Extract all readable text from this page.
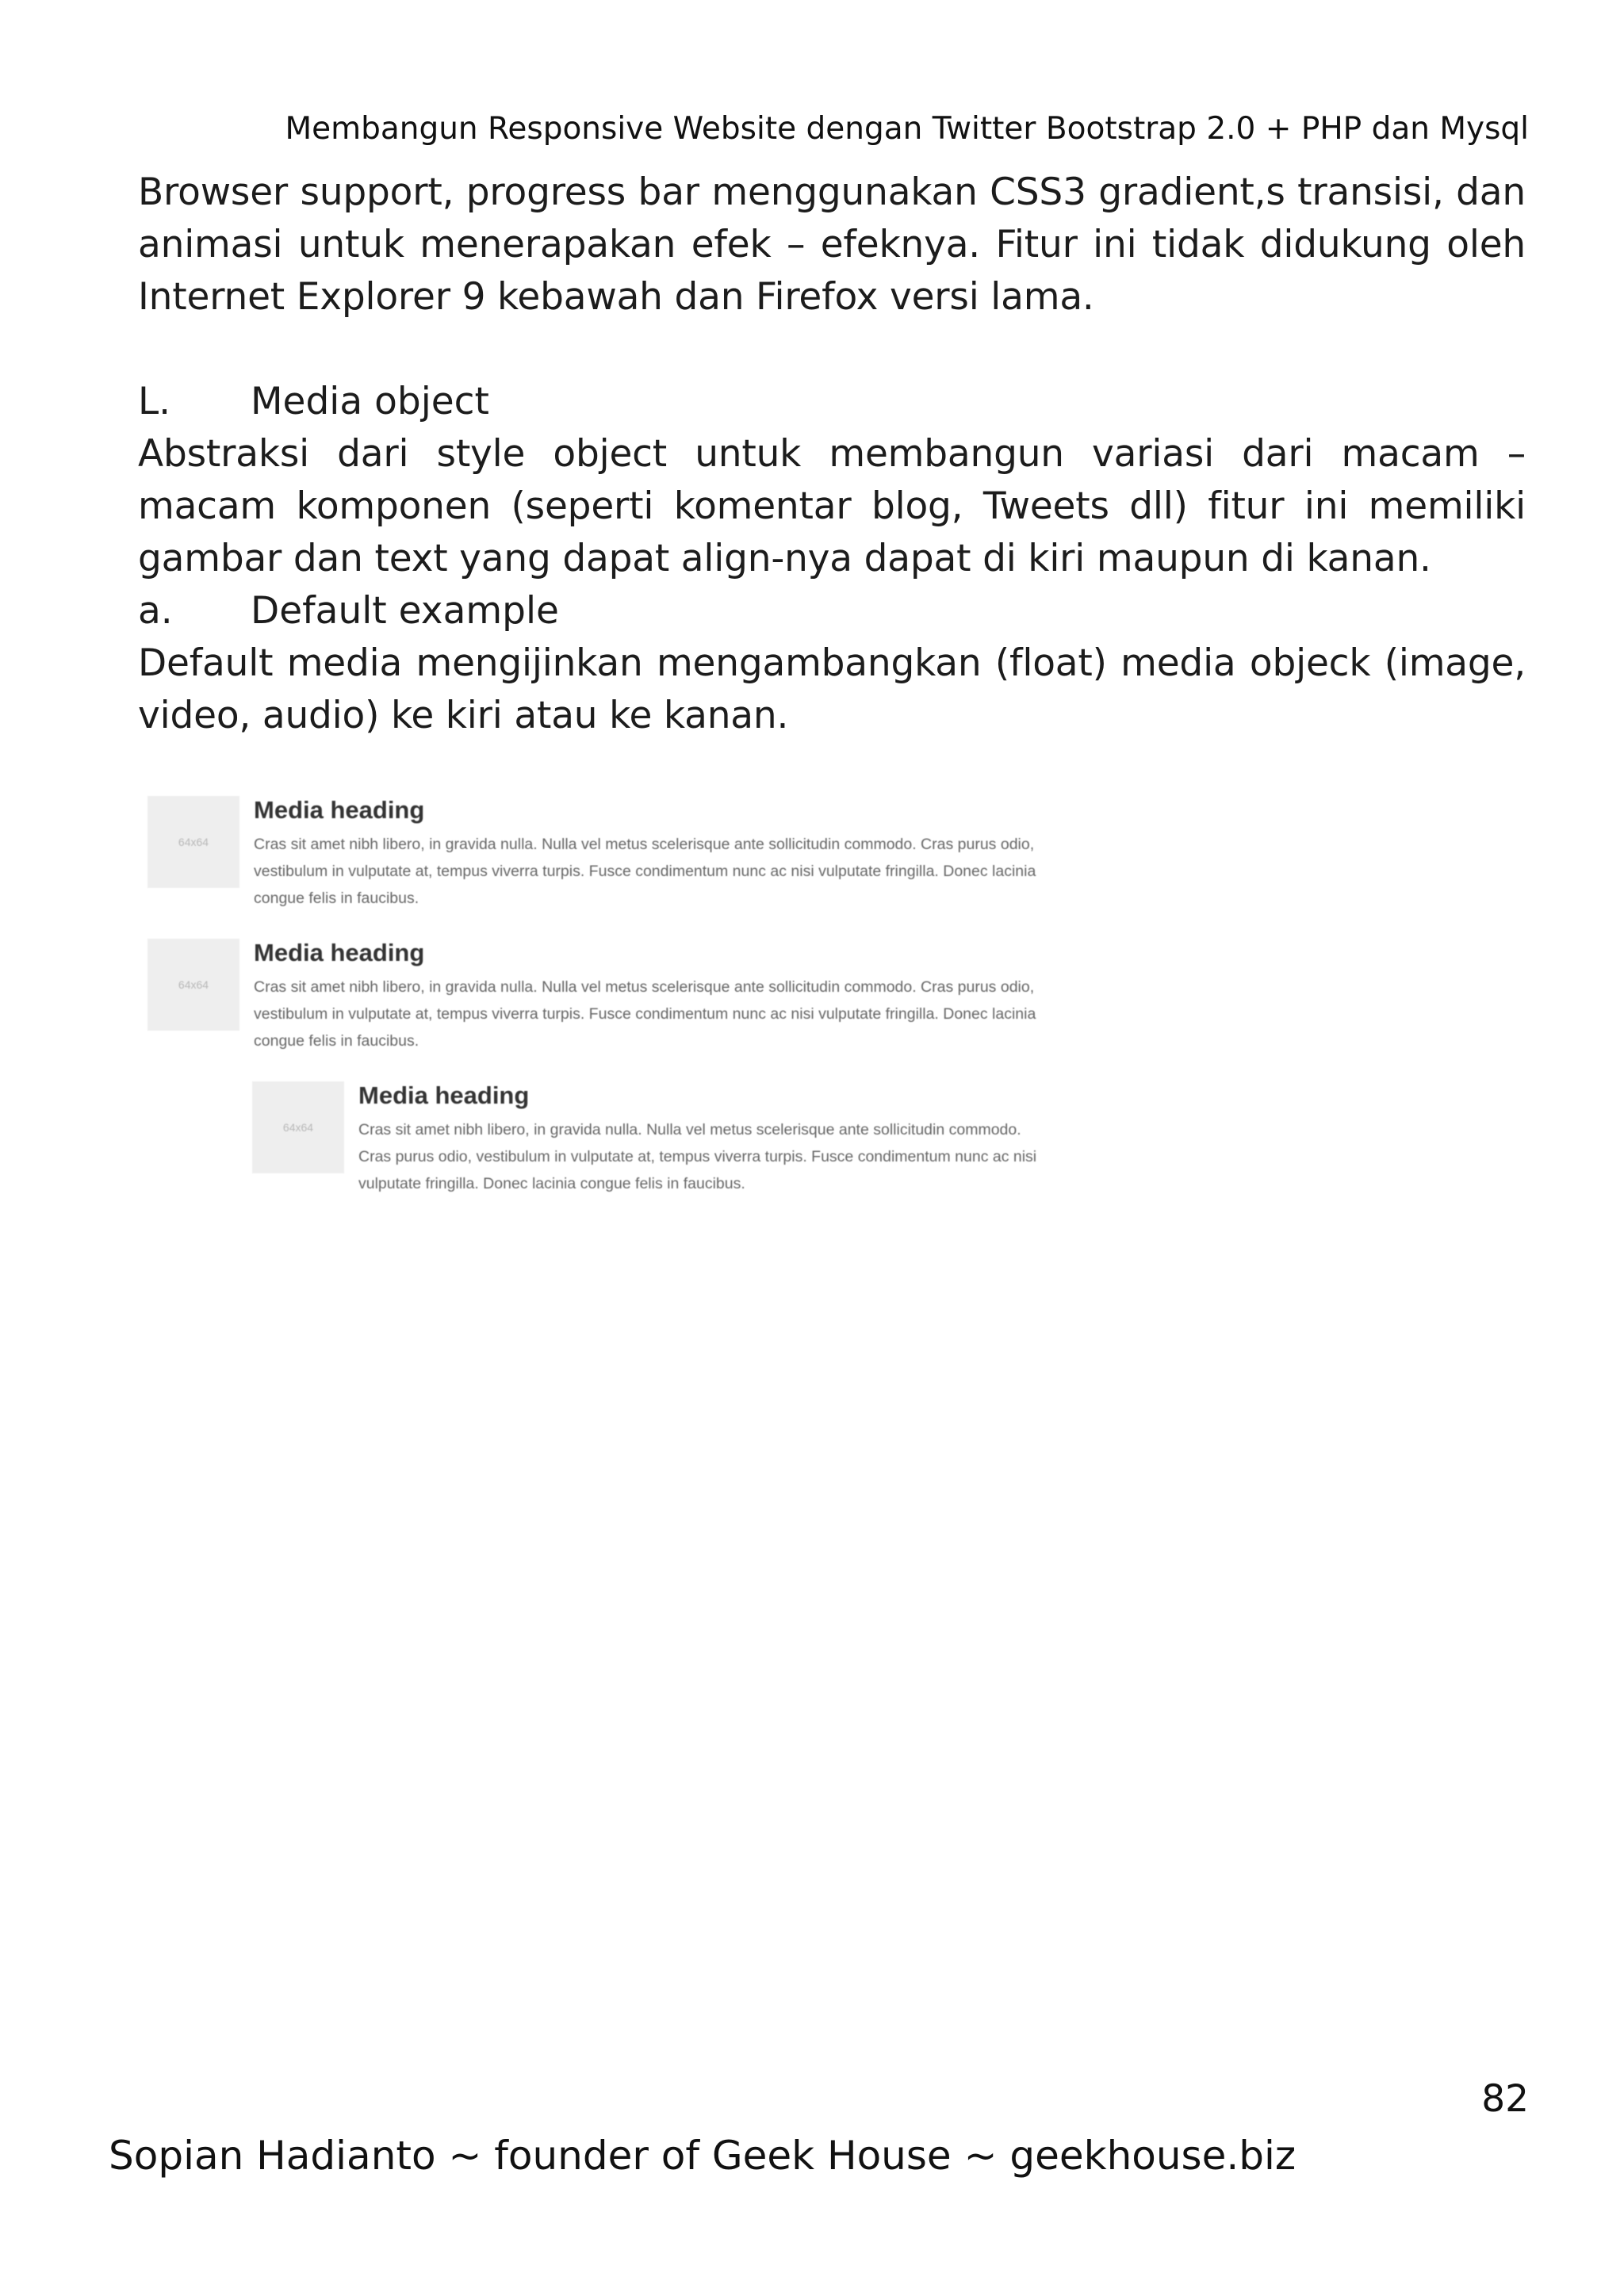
Membangun Responsive Website dengan Twitter Bootstrap 2.0 + PHP dan Mysql

Browser support, progress bar menggunakan CSS3 gradient,s transisi, dan animasi untuk menerapakan efek – efeknya. Fitur ini tidak didukung oleh Internet Explorer 9 kebawah dan Firefox versi lama.

L.	Media object

Abstraksi dari style object untuk membangun variasi dari macam – macam komponen (seperti komentar blog, Tweets dll) fitur ini memiliki gambar dan text yang dapat align-nya dapat di kiri maupun di kanan.

a.	Default example

Default media mengijinkan mengambangkan (float) media objeck (image, video, audio) ke kiri atau ke kanan.

64x64

Media heading

Cras sit amet nibh libero, in gravida nulla. Nulla vel metus scelerisque ante sollicitudin commodo. Cras purus odio, vestibulum in vulputate at, tempus viverra turpis. Fusce condimentum nunc ac nisi vulputate fringilla. Donec lacinia congue felis in faucibus.

64x64

Media heading

Cras sit amet nibh libero, in gravida nulla. Nulla vel metus scelerisque ante sollicitudin commodo. Cras purus odio, vestibulum in vulputate at, tempus viverra turpis. Fusce condimentum nunc ac nisi vulputate fringilla. Donec lacinia congue felis in faucibus.

64x64

Media heading

Cras sit amet nibh libero, in gravida nulla. Nulla vel metus scelerisque ante sollicitudin commodo. Cras purus odio, vestibulum in vulputate at, tempus viverra turpis. Fusce condimentum nunc ac nisi vulputate fringilla. Donec lacinia congue felis in faucibus.

82
Sopian Hadianto ~ founder of Geek House ~ geekhouse.biz
